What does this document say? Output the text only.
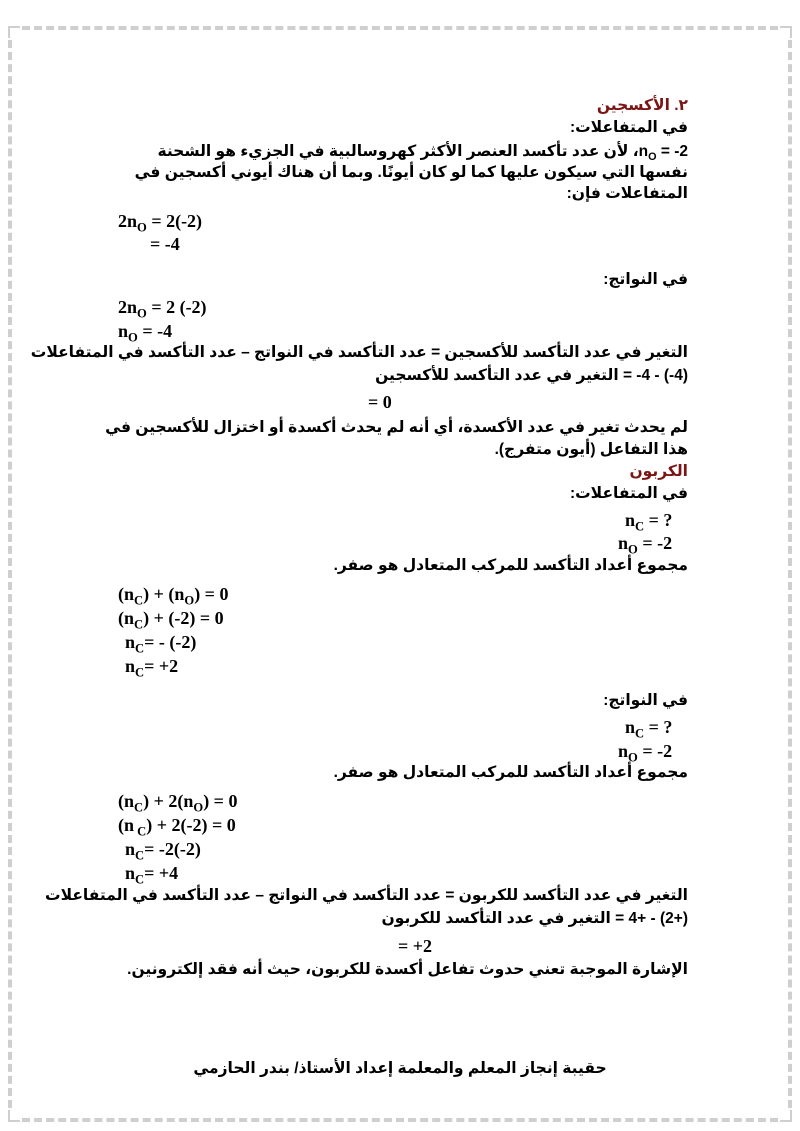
٢. الأكسجين
في المتفاعلات:
$n_O$ = -2، لأن عدد تأكسد العنصر الأكثر كهروسالبية في الجزيء هو الشحنة
نفسها التي سيكون عليها كما لو كان أيونًا. وبما أن هناك أيوني أكسجين في
المتفاعلات فإن:
$2n_O = 2(-2)$
= -4
في النواتج:
$2n_O = 2$ (-2)
$n_O = -4$
التغير في عدد التأكسد للأكسجين = عدد التأكسد في النواتج – عدد التأكسد في المتفاعلات
(4-) - 4- = التغير في عدد التأكسد للأكسجين
= 0
لم يحدث تغير في عدد الأكسدة، أي أنه لم يحدث أكسدة أو اختزال للأكسجين في
هذا التفاعل (أيون متفرج).
الكربون
في المتفاعلات:
$n_C$ = ?
$n_O = -2$
مجموع أعداد التأكسد للمركب المتعادل هو صفر.
$(n_C) + (n_O) = 0$
$(n_C) + (-2) = 0$
$n_C= - (-2)$
$n_C= +2$
في النواتج:
$n_C$ = ?
$n_O = -2$
مجموع أعداد التأكسد للمركب المتعادل هو صفر.
$(n_C) + 2(n_O) = 0$
(n $_C$) + 2(-2) = 0
$n_C= -2(-2)$
$n_C= +4$
التغير في عدد التأكسد للكربون = عدد التأكسد في النواتج – عدد التأكسد في المتفاعلات
(+2) - +4 = التغير في عدد التأكسد للكربون
= +2
الإشارة الموجبة تعني حدوث تفاعل أكسدة للكربون، حيث أنه فقد إلكترونين.
حقيبة إنجاز المعلم والمعلمة إعداد الأستاذ/ بندر الحازمي
